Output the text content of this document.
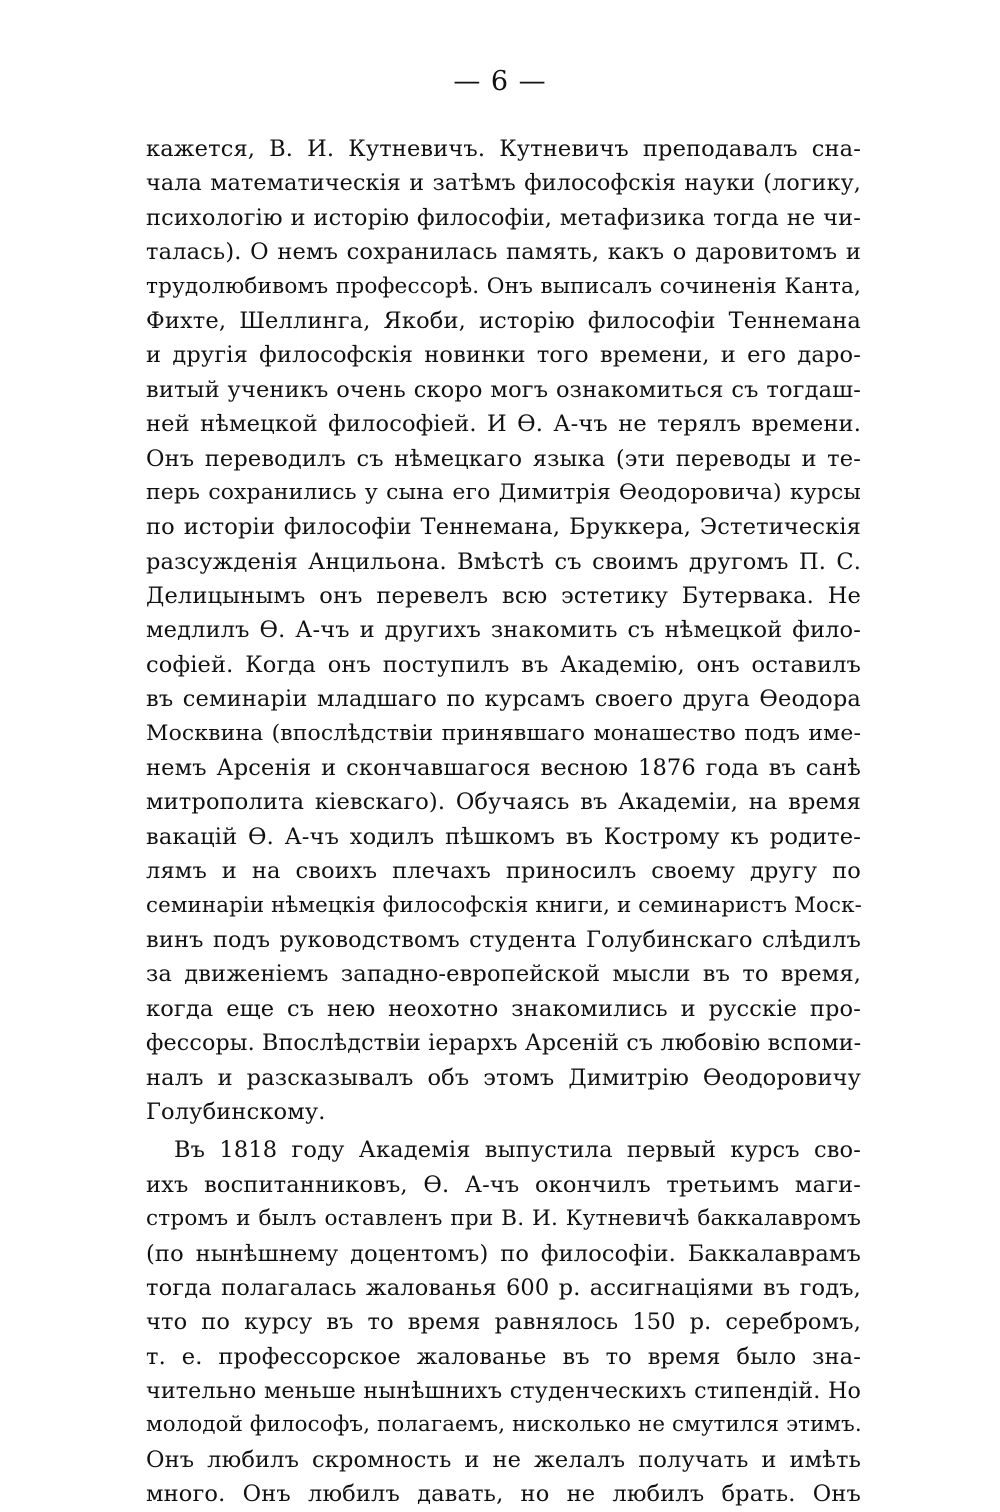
— 6 —
кажется, В. И. Кутневичъ. Кутневичъ преподавалъ сна-
чала математическія и затѣмъ философскія науки (логику,
психологію и исторію философіи, метафизика тогда не чи-
талась). О немъ сохранилась память, какъ о даровитомъ и
трудолюбивомъ профессорѣ. Онъ выписалъ сочиненія Канта,
Фихте, Шеллинга, Якоби, исторію философіи Теннемана
и другія философскія новинки того времени, и его даро-
витый ученикъ очень скоро могъ ознакомиться съ тогдаш-
ней нѣмецкой философіей. И Ѳ. А-чъ не терялъ времени.
Онъ переводилъ съ нѣмецкаго языка (эти переводы и те-
перь сохранились у сына его Димитрія Ѳеодоровича) курсы
по исторіи философіи Теннемана, Бруккера, Эстетическія
разсужденія Анцильона. Вмѣстѣ съ своимъ другомъ П. С.
Делицынымъ онъ перевелъ всю эстетику Бутервака. Не
медлилъ Ѳ. А-чъ и другихъ знакомить съ нѣмецкой фило-
софіей. Когда онъ поступилъ въ Академію, онъ оставилъ
въ семинаріи младшаго по курсамъ своего друга Ѳеодора
Москвина (впослѣдствіи принявшаго монашество подъ име-
немъ Арсенія и скончавшагося весною 1876 года въ санѣ
митрополита кіевскаго). Обучаясь въ Академіи, на время
вакацій Ѳ. А-чъ ходилъ пѣшкомъ въ Кострому къ родите-
лямъ и на своихъ плечахъ приносилъ своему другу по
семинаріи нѣмецкія философскія книги, и семинаристъ Моск-
винъ подъ руководствомъ студента Голубинскаго слѣдилъ
за движеніемъ западно-европейской мысли въ то время,
когда еще съ нею неохотно знакомились и русскіе про-
фессоры. Впослѣдствіи іерархъ Арсеній съ любовію вспоми-
налъ и разсказывалъ объ этомъ Димитрію Ѳеодоровичу
Голубинскому.
Въ 1818 году Академія выпустила первый курсъ сво-
ихъ воспитанниковъ, Ѳ. А-чъ окончилъ третьимъ маги-
стромъ и былъ оставленъ при В. И. Кутневичѣ баккалавромъ
(по нынѣшнему доцентомъ) по философіи. Баккалаврамъ
тогда полагалась жалованья 600 р. ассигнаціями въ годъ,
что по курсу въ то время равнялось 150 р. серебромъ,
т. е. профессорское жалованье въ то время было зна-
чительно меньше нынѣшнихъ студенческихъ стипендій. Но
молодой философъ, полагаемъ, нисколько не смутился этимъ.
Онъ любилъ скромность и не желалъ получать и имѣть
много. Онъ любилъ давать, но не любилъ брать. Онъ
